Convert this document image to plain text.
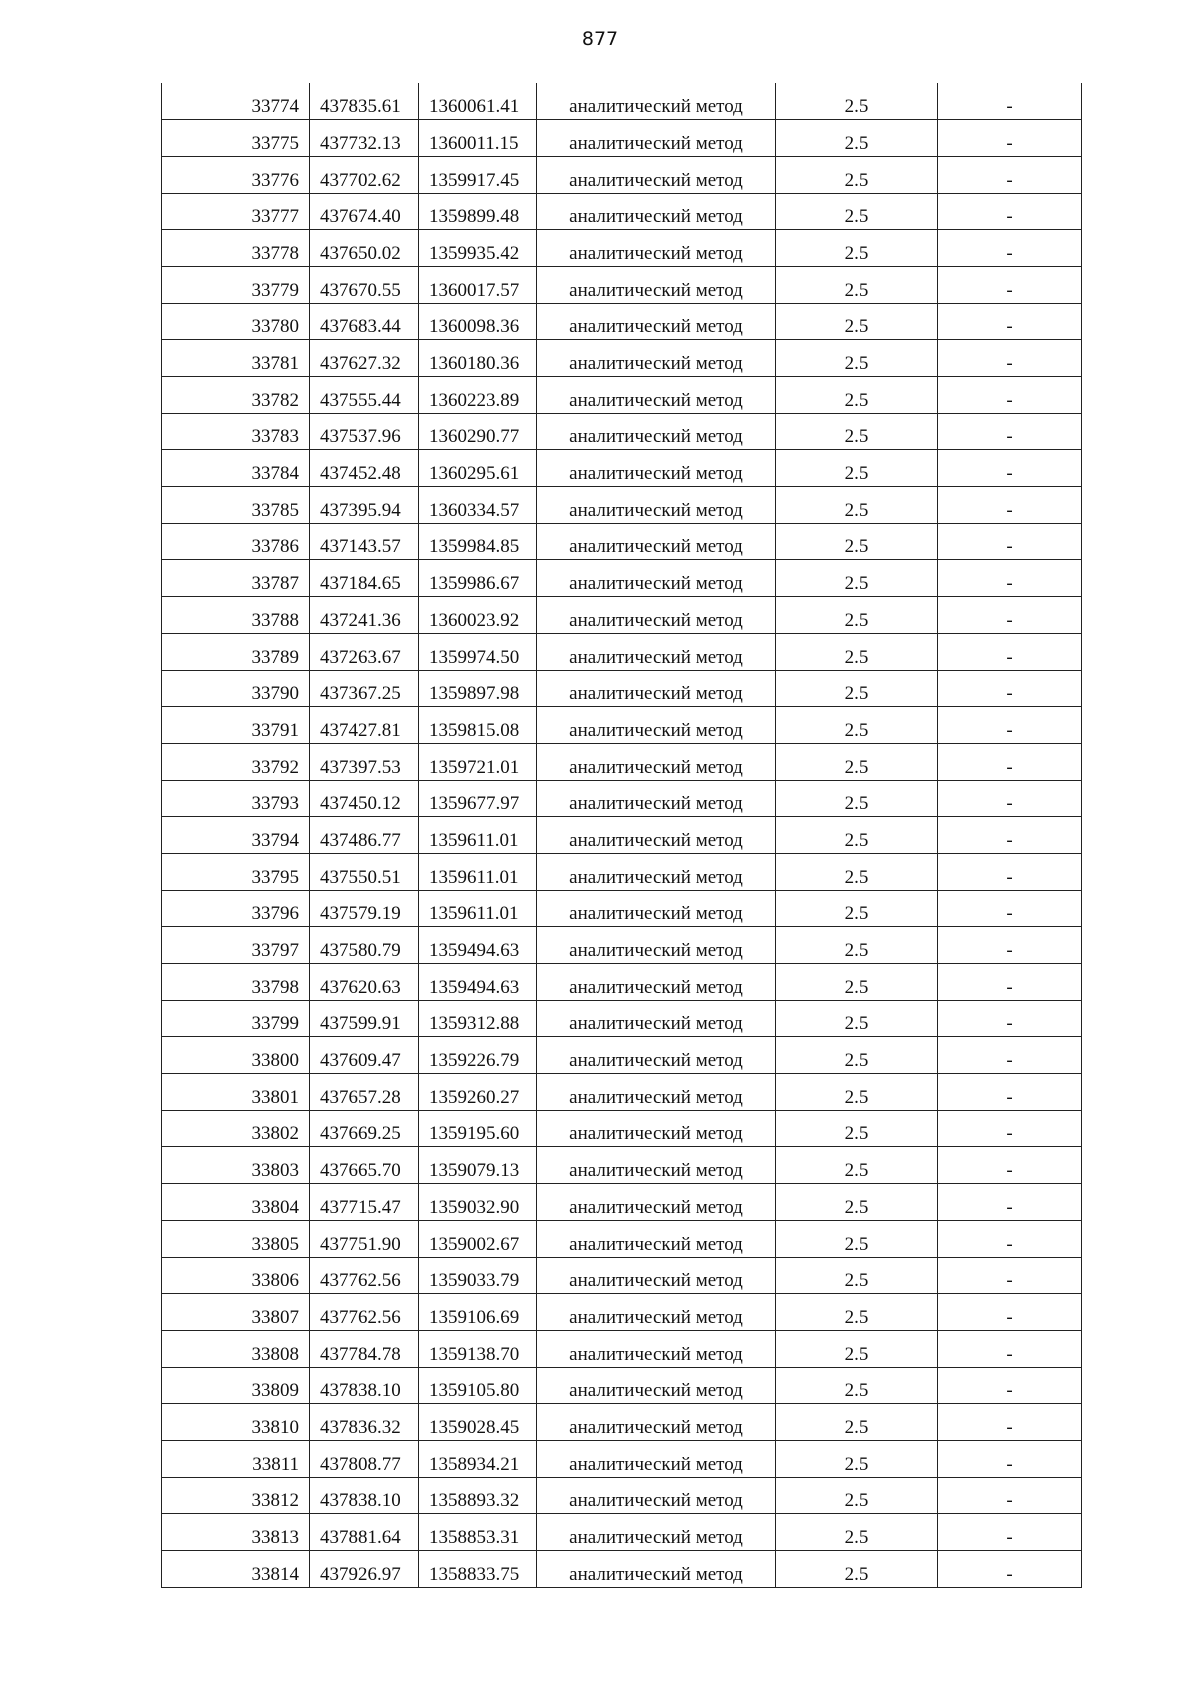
877
33774	437835.61	1360061.41	аналитический метод	2.5	-
33775	437732.13	1360011.15	аналитический метод	2.5	-
33776	437702.62	1359917.45	аналитический метод	2.5	-
33777	437674.40	1359899.48	аналитический метод	2.5	-
33778	437650.02	1359935.42	аналитический метод	2.5	-
33779	437670.55	1360017.57	аналитический метод	2.5	-
33780	437683.44	1360098.36	аналитический метод	2.5	-
33781	437627.32	1360180.36	аналитический метод	2.5	-
33782	437555.44	1360223.89	аналитический метод	2.5	-
33783	437537.96	1360290.77	аналитический метод	2.5	-
33784	437452.48	1360295.61	аналитический метод	2.5	-
33785	437395.94	1360334.57	аналитический метод	2.5	-
33786	437143.57	1359984.85	аналитический метод	2.5	-
33787	437184.65	1359986.67	аналитический метод	2.5	-
33788	437241.36	1360023.92	аналитический метод	2.5	-
33789	437263.67	1359974.50	аналитический метод	2.5	-
33790	437367.25	1359897.98	аналитический метод	2.5	-
33791	437427.81	1359815.08	аналитический метод	2.5	-
33792	437397.53	1359721.01	аналитический метод	2.5	-
33793	437450.12	1359677.97	аналитический метод	2.5	-
33794	437486.77	1359611.01	аналитический метод	2.5	-
33795	437550.51	1359611.01	аналитический метод	2.5	-
33796	437579.19	1359611.01	аналитический метод	2.5	-
33797	437580.79	1359494.63	аналитический метод	2.5	-
33798	437620.63	1359494.63	аналитический метод	2.5	-
33799	437599.91	1359312.88	аналитический метод	2.5	-
33800	437609.47	1359226.79	аналитический метод	2.5	-
33801	437657.28	1359260.27	аналитический метод	2.5	-
33802	437669.25	1359195.60	аналитический метод	2.5	-
33803	437665.70	1359079.13	аналитический метод	2.5	-
33804	437715.47	1359032.90	аналитический метод	2.5	-
33805	437751.90	1359002.67	аналитический метод	2.5	-
33806	437762.56	1359033.79	аналитический метод	2.5	-
33807	437762.56	1359106.69	аналитический метод	2.5	-
33808	437784.78	1359138.70	аналитический метод	2.5	-
33809	437838.10	1359105.80	аналитический метод	2.5	-
33810	437836.32	1359028.45	аналитический метод	2.5	-
33811	437808.77	1358934.21	аналитический метод	2.5	-
33812	437838.10	1358893.32	аналитический метод	2.5	-
33813	437881.64	1358853.31	аналитический метод	2.5	-
33814	437926.97	1358833.75	аналитический метод	2.5	-
